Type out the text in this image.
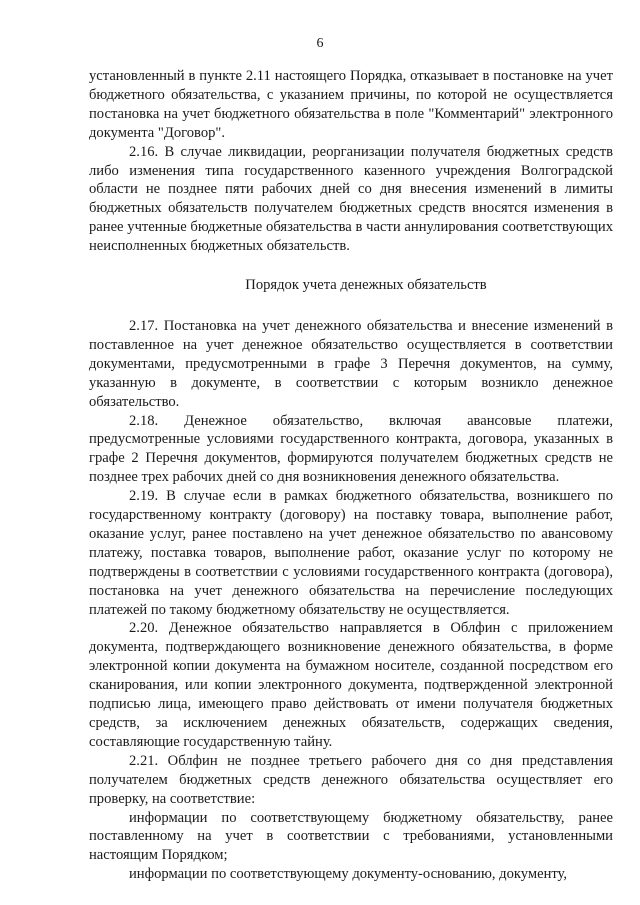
6

установленный в пункте 2.11 настоящего Порядка, отказывает в постановке на учет бюджетного обязательства, с указанием причины, по которой не осуществляется постановка на учет бюджетного обязательства в поле "Комментарий" электронного документа "Договор".

2.16. В случае ликвидации, реорганизации получателя бюджетных средств либо изменения типа государственного казенного учреждения Волгоградской области не позднее пяти рабочих дней со дня внесения изменений в лимиты бюджетных обязательств получателем бюджетных средств вносятся изменения в ранее учтенные бюджетные обязательства в части аннулирования соответствующих неисполненных бюджетных обязательств.

Порядок учета денежных обязательств

2.17. Постановка на учет денежного обязательства и внесение изменений в поставленное на учет денежное обязательство осуществляется в соответствии документами, предусмотренными в графе 3 Перечня документов, на сумму, указанную в документе, в соответствии с которым возникло денежное обязательство.

2.18. Денежное обязательство, включая авансовые платежи, предусмотренные условиями государственного контракта, договора, указанных в графе 2 Перечня документов, формируются получателем бюджетных средств не позднее трех рабочих дней со дня возникновения денежного обязательства.

2.19. В случае если в рамках бюджетного обязательства, возникшего по государственному контракту (договору) на поставку товара, выполнение работ, оказание услуг, ранее поставлено на учет денежное обязательство по авансовому платежу, поставка товаров, выполнение работ, оказание услуг по которому не подтверждены в соответствии с условиями государственного контракта (договора), постановка на учет денежного обязательства на перечисление последующих платежей по такому бюджетному обязательству не осуществляется.

2.20. Денежное обязательство направляется в Облфин с приложением документа, подтверждающего возникновение денежного обязательства, в форме электронной копии документа на бумажном носителе, созданной посредством его сканирования, или копии электронного документа, подтвержденной электронной подписью лица, имеющего право действовать от имени получателя бюджетных средств, за исключением денежных обязательств, содержащих сведения, составляющие государственную тайну.

2.21. Облфин не позднее третьего рабочего дня со дня представления получателем бюджетных средств денежного обязательства осуществляет его проверку, на соответствие:

информации по соответствующему бюджетному обязательству, ранее поставленному на учет в соответствии с требованиями, установленными настоящим Порядком;

информации по соответствующему документу-основанию, документу,
